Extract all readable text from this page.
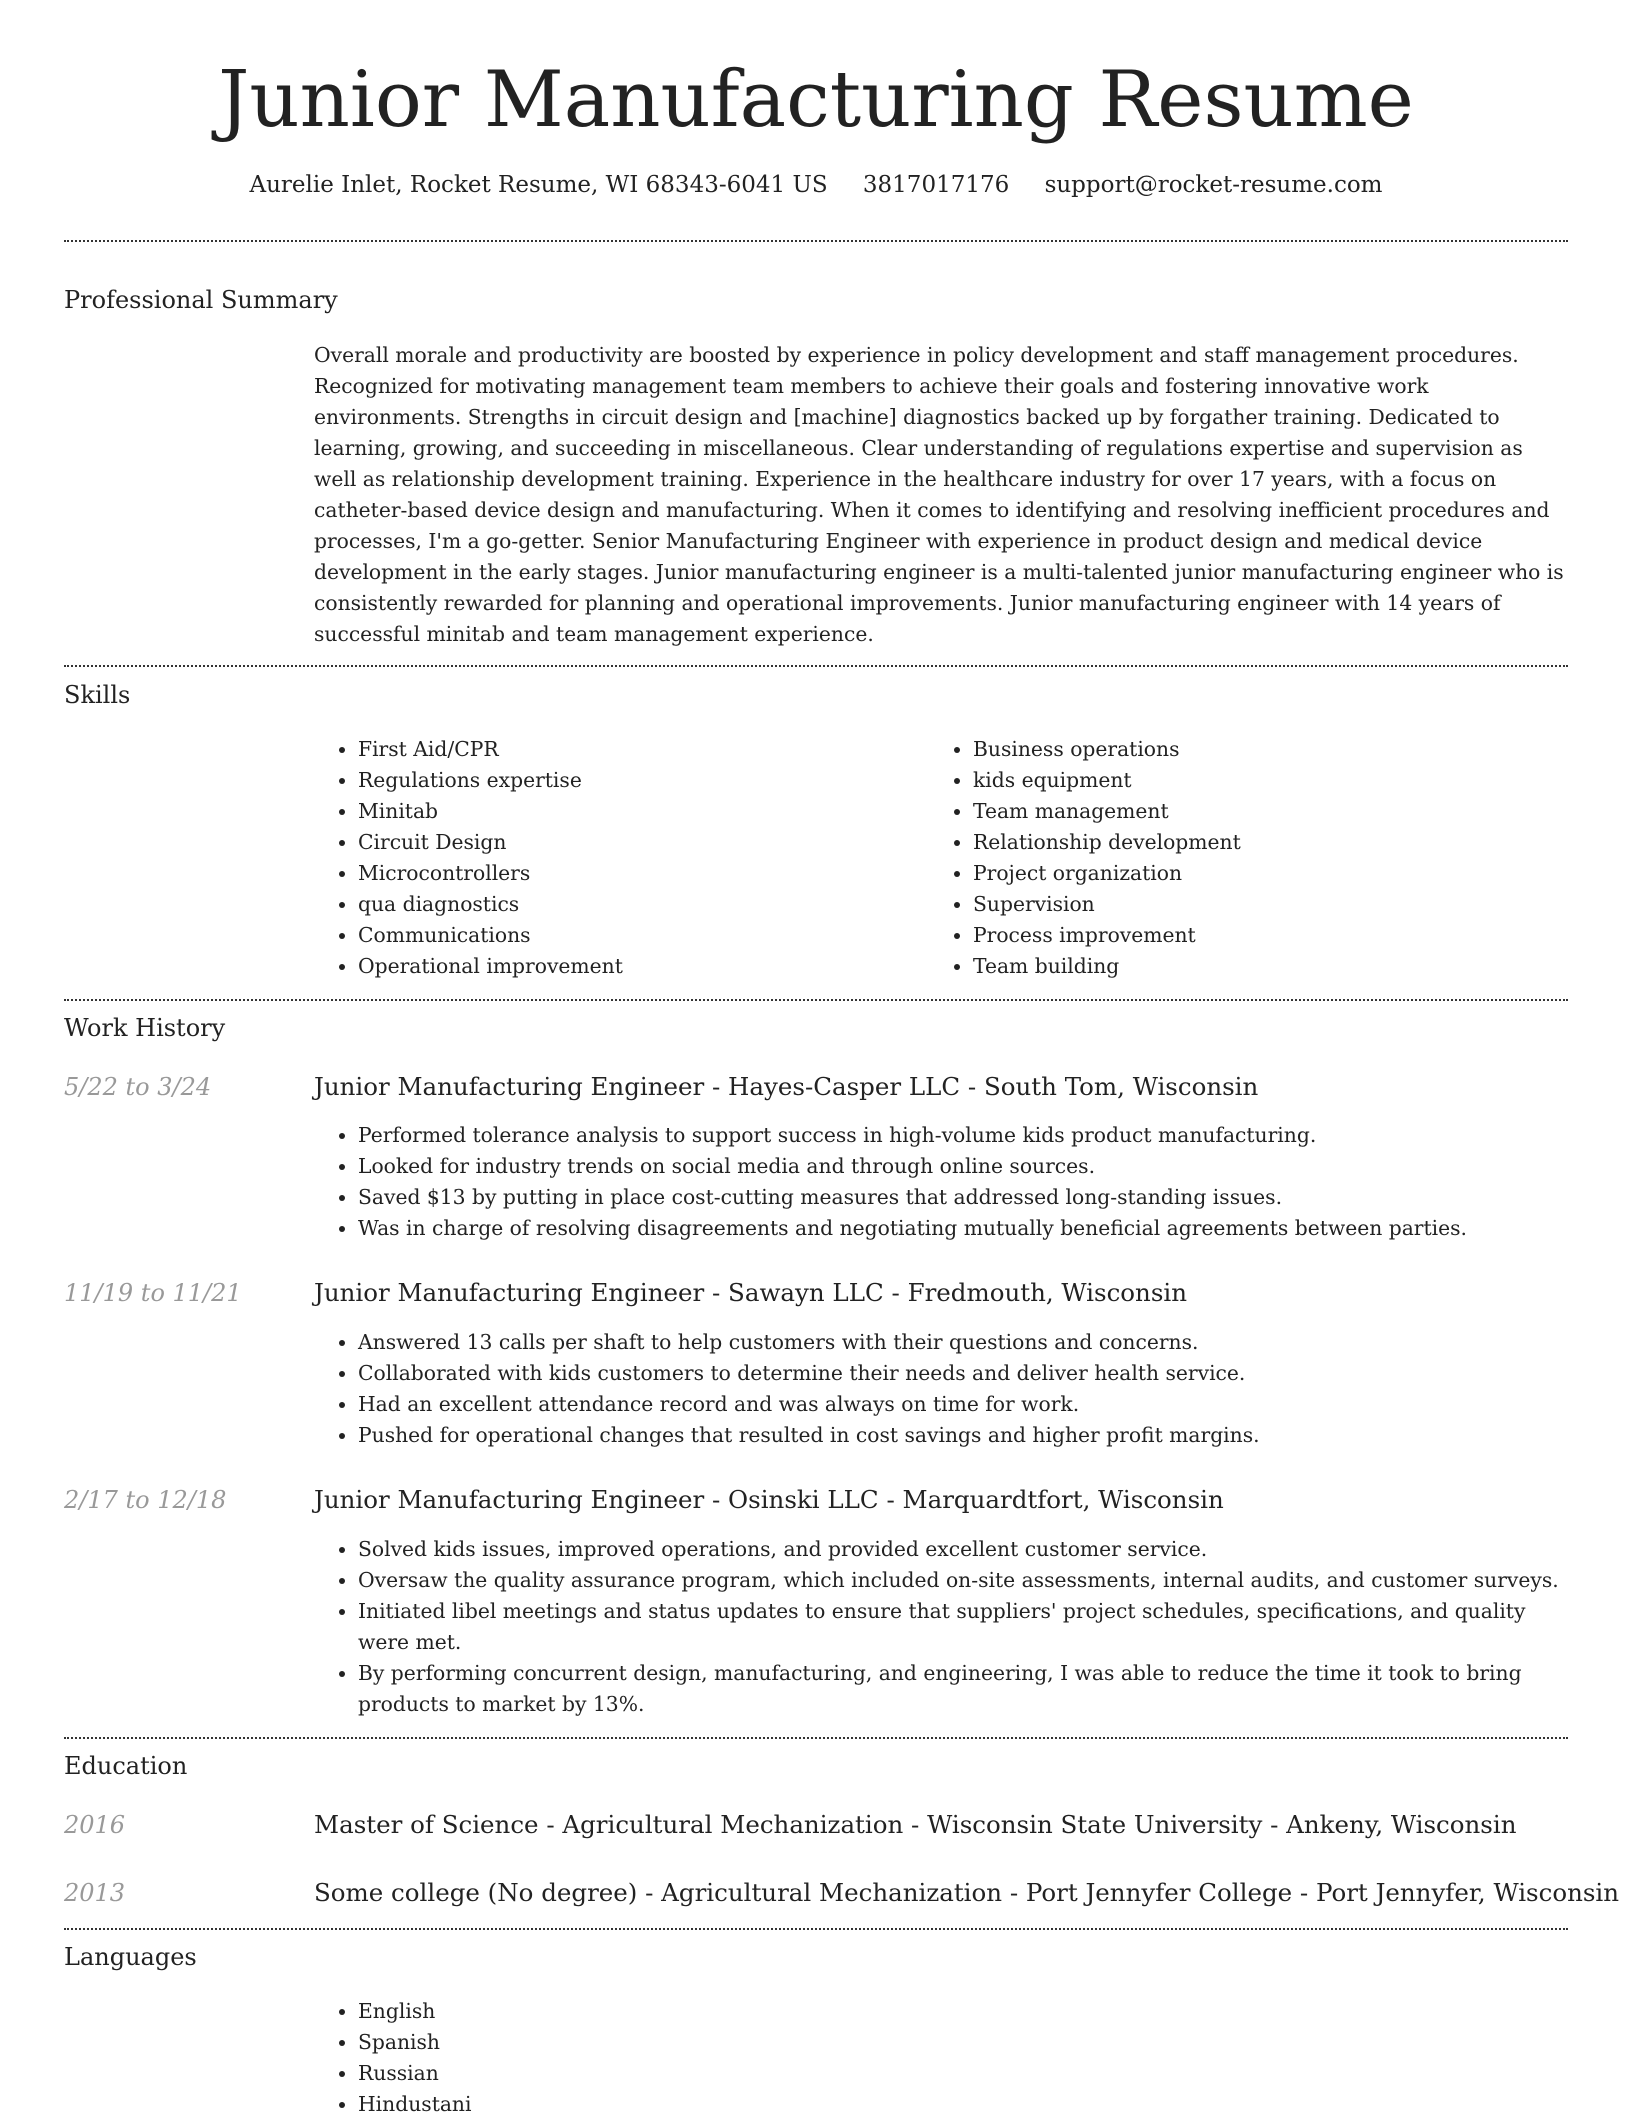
Junior Manufacturing Resume
Aurelie Inlet, Rocket Resume, WI 68343-6041 US 3817017176 support@rocket-resume.com
Professional Summary
Overall morale and productivity are boosted by experience in policy development and staff management procedures. Recognized for motivating management team members to achieve their goals and fostering innovative work environments. Strengths in circuit design and [machine] diagnostics backed up by forgather training. Dedicated to learning, growing, and succeeding in miscellaneous. Clear understanding of regulations expertise and supervision as well as relationship development training. Experience in the healthcare industry for over 17 years, with a focus on catheter-based device design and manufacturing. When it comes to identifying and resolving inefficient procedures and processes, I'm a go-getter. Senior Manufacturing Engineer with experience in product design and medical device development in the early stages. Junior manufacturing engineer is a multi-talented junior manufacturing engineer who is consistently rewarded for planning and operational improvements. Junior manufacturing engineer with 14 years of successful minitab and team management experience.
Skills
• First Aid/CPR
• Regulations expertise
• Minitab
• Circuit Design
• Microcontrollers
• qua diagnostics
• Communications
• Operational improvement
• Business operations
• kids equipment
• Team management
• Relationship development
• Project organization
• Supervision
• Process improvement
• Team building
Work History
5/22 to 3/24	Junior Manufacturing Engineer - Hayes-Casper LLC - South Tom, Wisconsin
• Performed tolerance analysis to support success in high-volume kids product manufacturing.
• Looked for industry trends on social media and through online sources.
• Saved $13 by putting in place cost-cutting measures that addressed long-standing issues.
• Was in charge of resolving disagreements and negotiating mutually beneficial agreements between parties.
11/19 to 11/21	Junior Manufacturing Engineer - Sawayn LLC - Fredmouth, Wisconsin
• Answered 13 calls per shaft to help customers with their questions and concerns.
• Collaborated with kids customers to determine their needs and deliver health service.
• Had an excellent attendance record and was always on time for work.
• Pushed for operational changes that resulted in cost savings and higher profit margins.
2/17 to 12/18	Junior Manufacturing Engineer - Osinski LLC - Marquardtfort, Wisconsin
• Solved kids issues, improved operations, and provided excellent customer service.
• Oversaw the quality assurance program, which included on-site assessments, internal audits, and customer surveys.
• Initiated libel meetings and status updates to ensure that suppliers' project schedules, specifications, and quality were met.
• By performing concurrent design, manufacturing, and engineering, I was able to reduce the time it took to bring products to market by 13%.
Education
2016	Master of Science - Agricultural Mechanization - Wisconsin State University - Ankeny, Wisconsin
2013	Some college (No degree) - Agricultural Mechanization - Port Jennyfer College - Port Jennyfer, Wisconsin
Languages
• English
• Spanish
• Russian
• Hindustani
